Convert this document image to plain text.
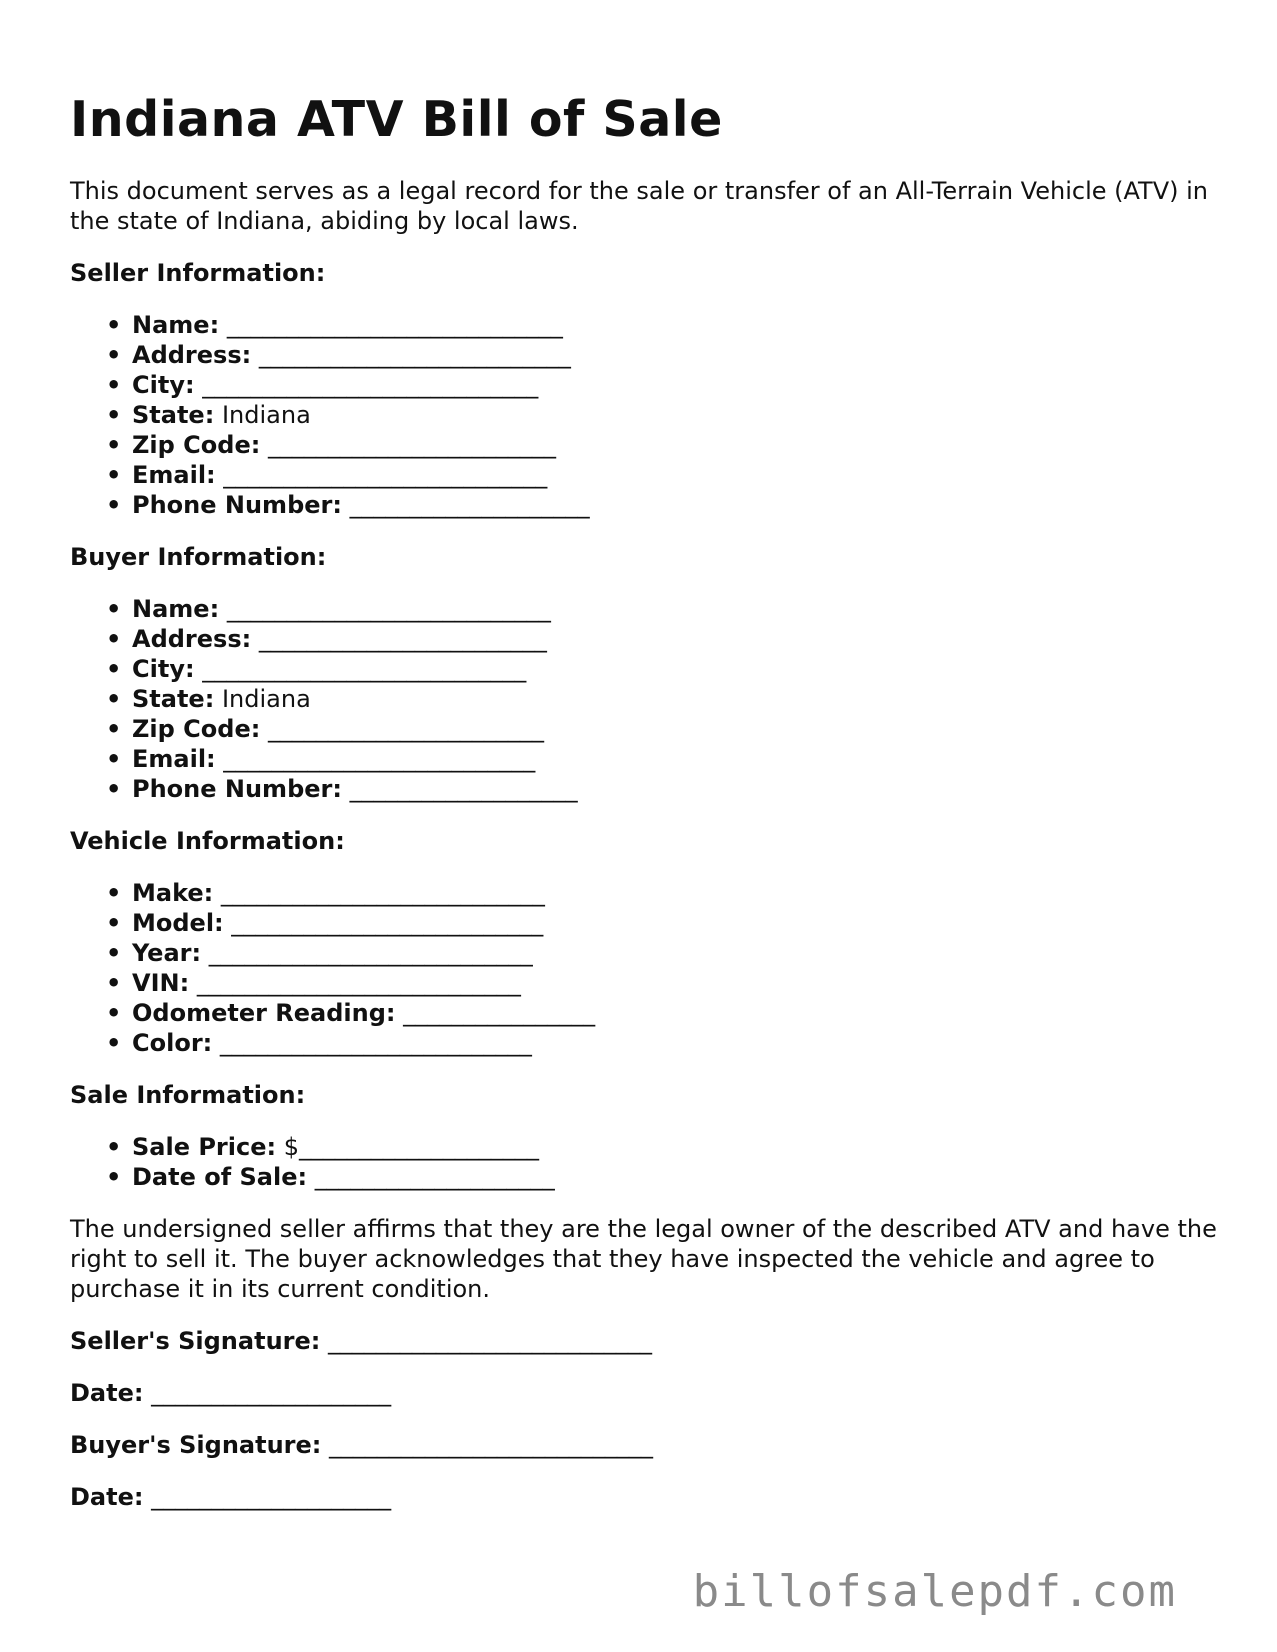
Indiana ATV Bill of Sale

This document serves as a legal record for the sale or transfer of an All-Terrain Vehicle (ATV) in the state of Indiana, abiding by local laws.

Seller Information:

• Name: ____________________________
• Address: __________________________
• City: ____________________________
• State: Indiana
• Zip Code: ________________________
• Email: ___________________________
• Phone Number: ____________________

Buyer Information:

• Name: ___________________________
• Address: ________________________
• City: ___________________________
• State: Indiana
• Zip Code: _______________________
• Email: __________________________
• Phone Number: ___________________

Vehicle Information:

• Make: ___________________________
• Model: __________________________
• Year: ___________________________
• VIN: ___________________________
• Odometer Reading: ________________
• Color: __________________________

Sale Information:

• Sale Price: $____________________
• Date of Sale: ____________________

The undersigned seller affirms that they are the legal owner of the described ATV and have the right to sell it. The buyer acknowledges that they have inspected the vehicle and agree to purchase it in its current condition.

Seller's Signature: ___________________________

Date: ____________________

Buyer's Signature: ___________________________

Date: ____________________

billofsalepdf.com
